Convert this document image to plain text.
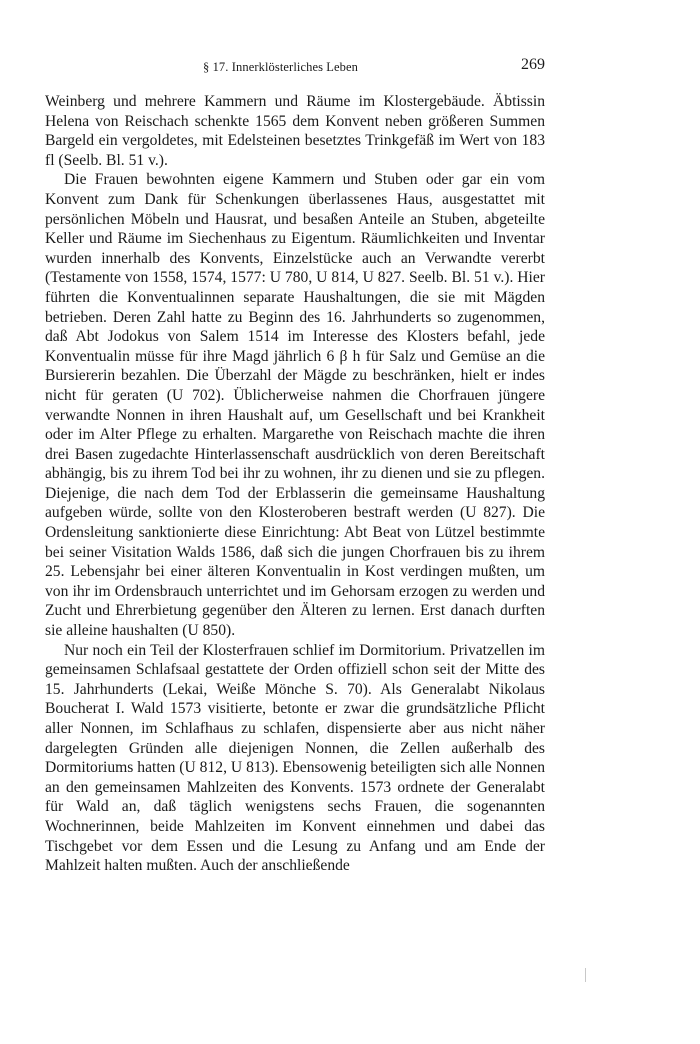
§ 17. Innerklösterliches Leben	269

Weinberg und mehrere Kammern und Räume im Klostergebäude. Äbtissin Helena von Reischach schenkte 1565 dem Konvent neben größeren Summen Bargeld ein vergoldetes, mit Edelsteinen besetztes Trinkgefäß im Wert von 183 fl (Seelb. Bl. 51 v.).

Die Frauen bewohnten eigene Kammern und Stuben oder gar ein vom Konvent zum Dank für Schenkungen überlassenes Haus, ausgestattet mit persönlichen Möbeln und Hausrat, und besaßen Anteile an Stuben, abgeteilte Keller und Räume im Siechenhaus zu Eigentum. Räumlichkeiten und Inventar wurden innerhalb des Konvents, Einzelstücke auch an Verwandte vererbt (Testamente von 1558, 1574, 1577: U 780, U 814, U 827. Seelb. Bl. 51 v.). Hier führten die Konventualinnen separate Haushaltungen, die sie mit Mägden betrieben. Deren Zahl hatte zu Beginn des 16. Jahrhunderts so zugenommen, daß Abt Jodokus von Salem 1514 im Interesse des Klosters befahl, jede Konventualin müsse für ihre Magd jährlich 6 β h für Salz und Gemüse an die Bursiererin bezahlen. Die Überzahl der Mägde zu beschränken, hielt er indes nicht für geraten (U 702). Üblicherweise nahmen die Chorfrauen jüngere verwandte Nonnen in ihren Haushalt auf, um Gesellschaft und bei Krankheit oder im Alter Pflege zu erhalten. Margarethe von Reischach machte die ihren drei Basen zugedachte Hinterlassenschaft ausdrücklich von deren Bereitschaft abhängig, bis zu ihrem Tod bei ihr zu wohnen, ihr zu dienen und sie zu pflegen. Diejenige, die nach dem Tod der Erblasserin die gemeinsame Haushaltung aufgeben würde, sollte von den Klosteroberen bestraft werden (U 827). Die Ordensleitung sanktionierte diese Einrichtung: Abt Beat von Lützel bestimmte bei seiner Visitation Walds 1586, daß sich die jungen Chorfrauen bis zu ihrem 25. Lebensjahr bei einer älteren Konventualin in Kost verdingen mußten, um von ihr im Ordensbrauch unterrichtet und im Gehorsam erzogen zu werden und Zucht und Ehrerbietung gegenüber den Älteren zu lernen. Erst danach durften sie alleine haushalten (U 850).

Nur noch ein Teil der Klosterfrauen schlief im Dormitorium. Privatzellen im gemeinsamen Schlafsaal gestattete der Orden offiziell schon seit der Mitte des 15. Jahrhunderts (Lekai, Weiße Mönche S. 70). Als Generalabt Nikolaus Boucherat I. Wald 1573 visitierte, betonte er zwar die grundsätzliche Pflicht aller Nonnen, im Schlafhaus zu schlafen, dispensierte aber aus nicht näher dargelegten Gründen alle diejenigen Nonnen, die Zellen außerhalb des Dormitoriums hatten (U 812, U 813). Ebensowenig beteiligten sich alle Nonnen an den gemeinsamen Mahlzeiten des Konvents. 1573 ordnete der Generalabt für Wald an, daß täglich wenigstens sechs Frauen, die sogenannten Wochnerinnen, beide Mahlzeiten im Konvent einnehmen und dabei das Tischgebet vor dem Essen und die Lesung zu Anfang und am Ende der Mahlzeit halten mußten. Auch der anschließende
